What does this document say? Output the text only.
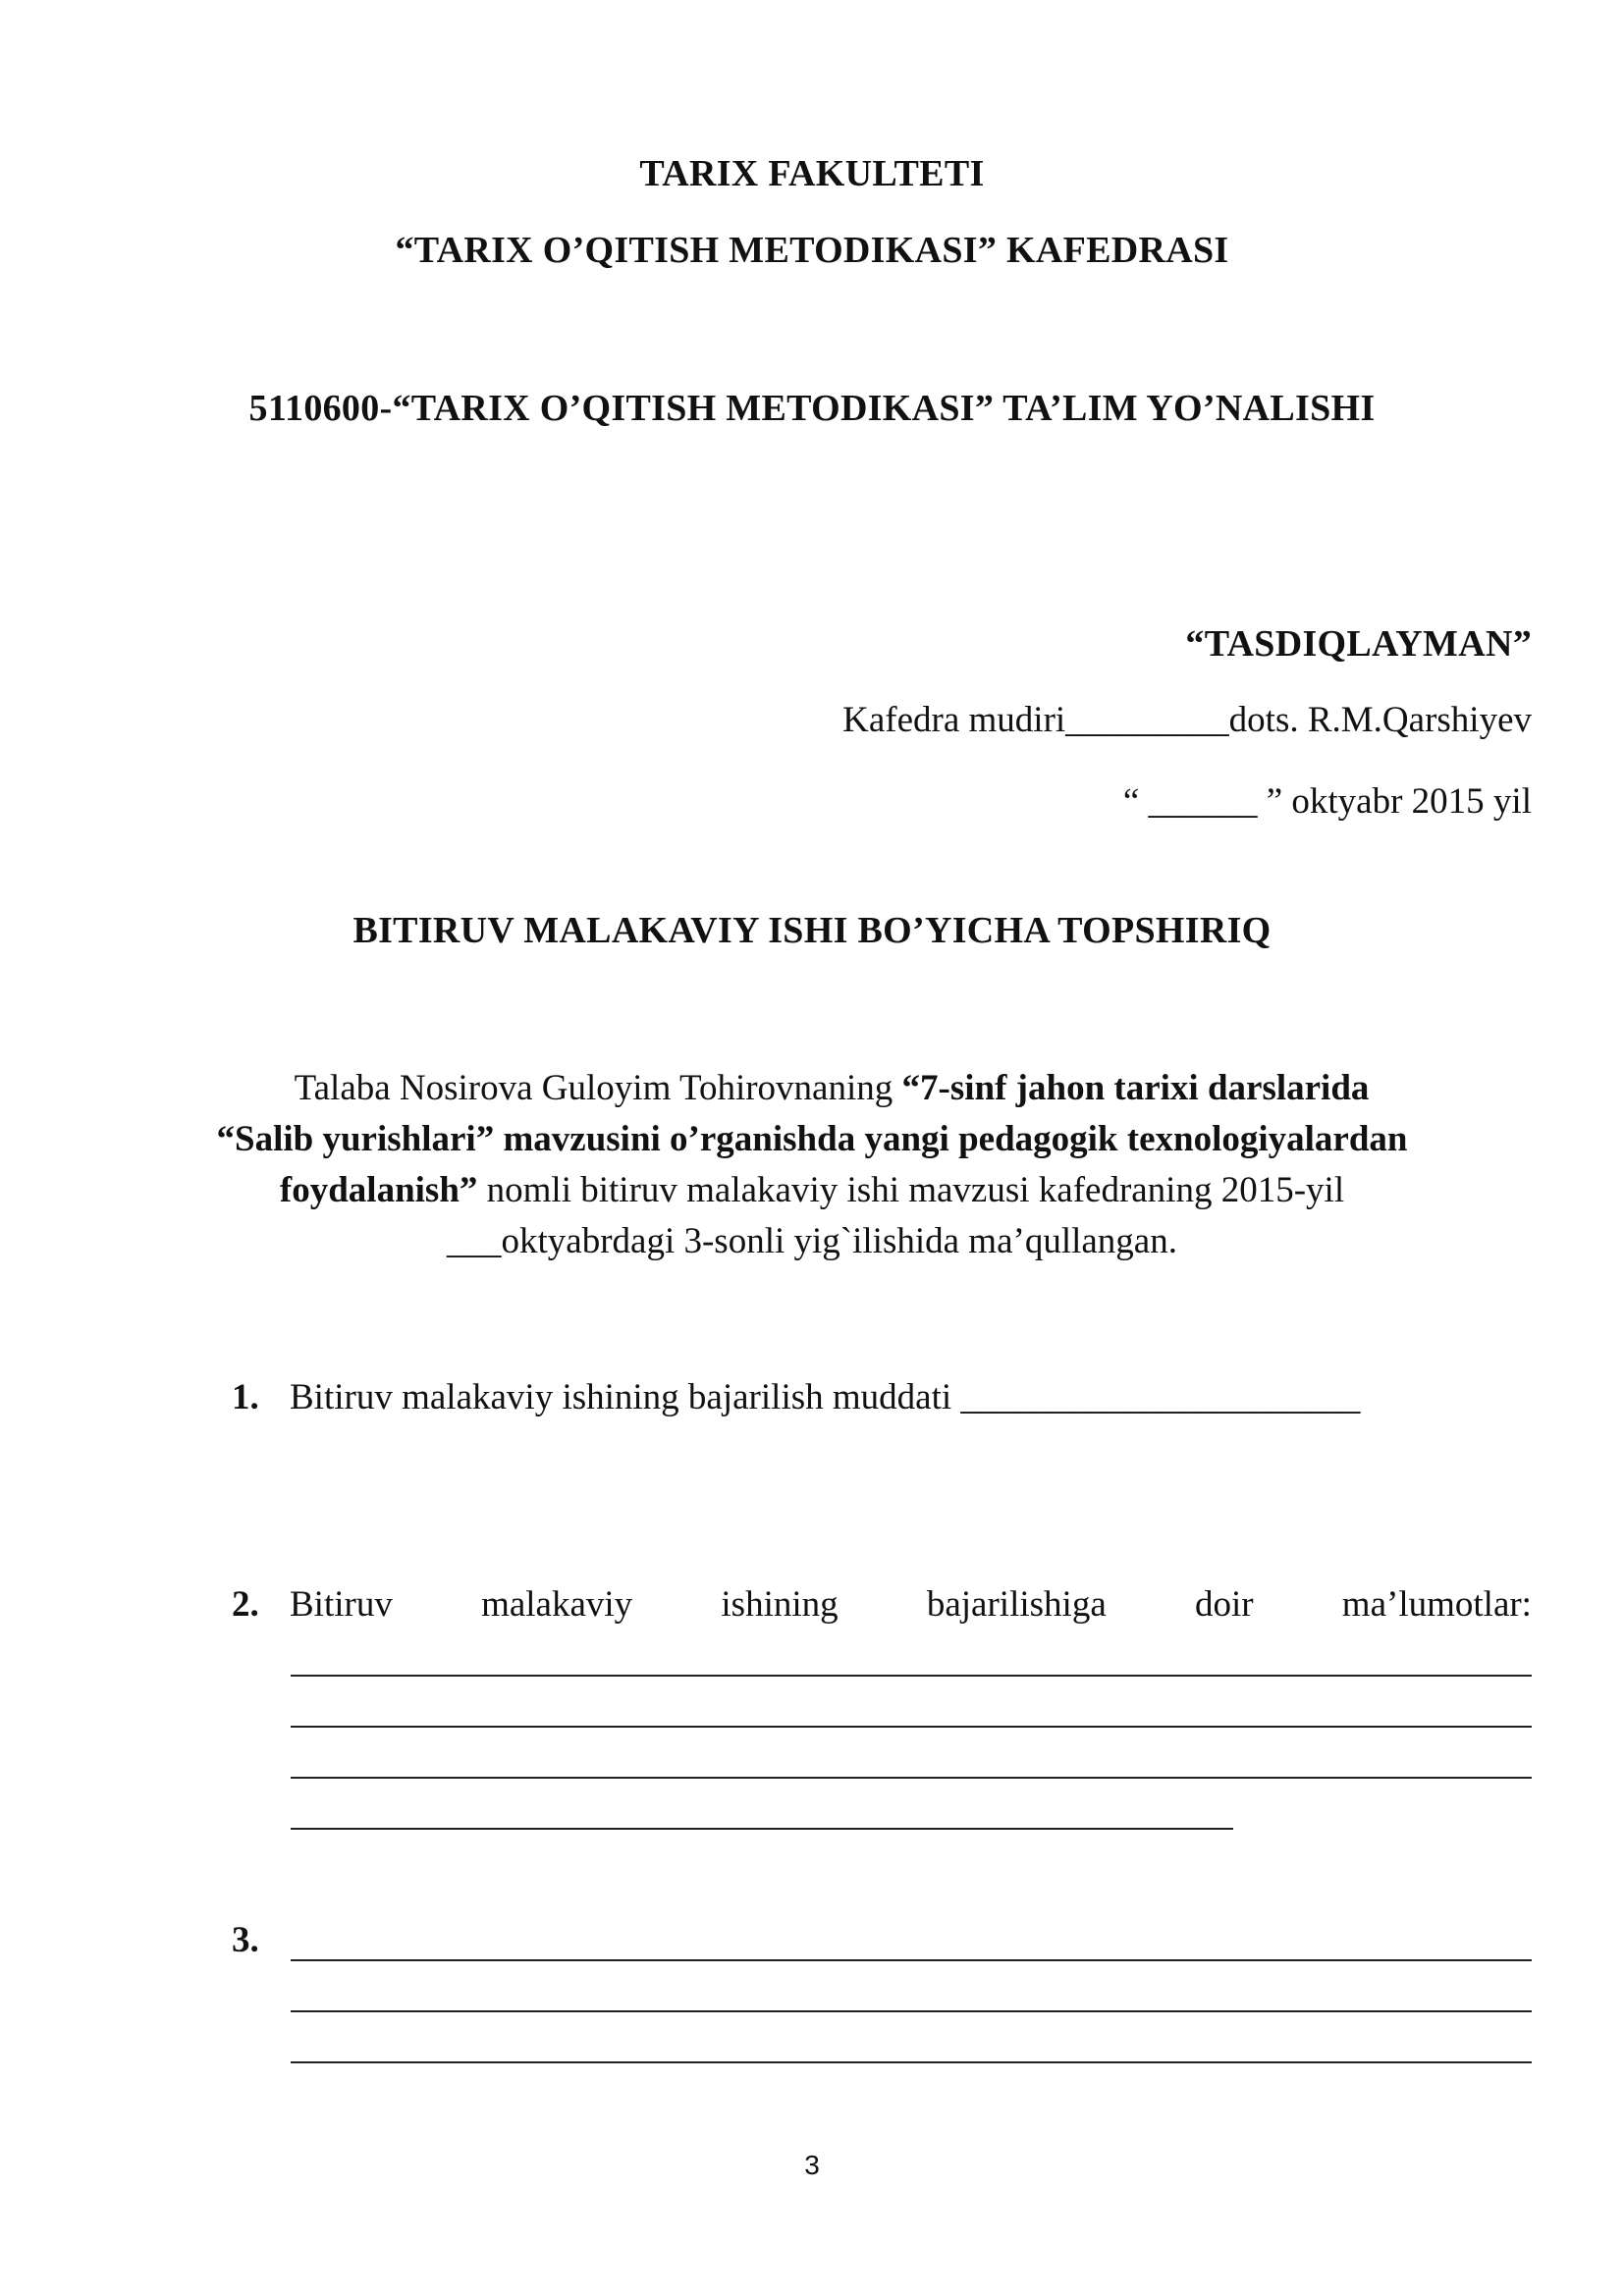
TARIX FAKULTETI
“TARIX O’QITISH METODIKASI” KAFEDRASI
5110600-“TARIX O’QITISH METODIKASI” TA’LIM YO’NALISHI
“TASDIQLAYMAN”
Kafedra mudiri_________dots. R.M.Qarshiyev
“ ______ ” oktyabr 2015 yil
BITIRUV MALAKAVIY ISHI BO’YICHA TOPSHIRIQ
Talaba Nosirova Guloyim Tohirovnaning “7-sinf jahon tarixi darslarida
“Salib yurishlari” mavzusini o’rganishda yangi pedagogik texnologiyalardan
foydalanish” nomli bitiruv malakaviy ishi mavzusi kafedraning 2015-yil
___oktyabrdagi 3-sonli yig`ilishida ma’qullangan.
1. Bitiruv malakaviy ishining bajarilish muddati ______________________
2. Bitiruv malakaviy ishining bajarilishiga doir ma’lumotlar:
3.
3
